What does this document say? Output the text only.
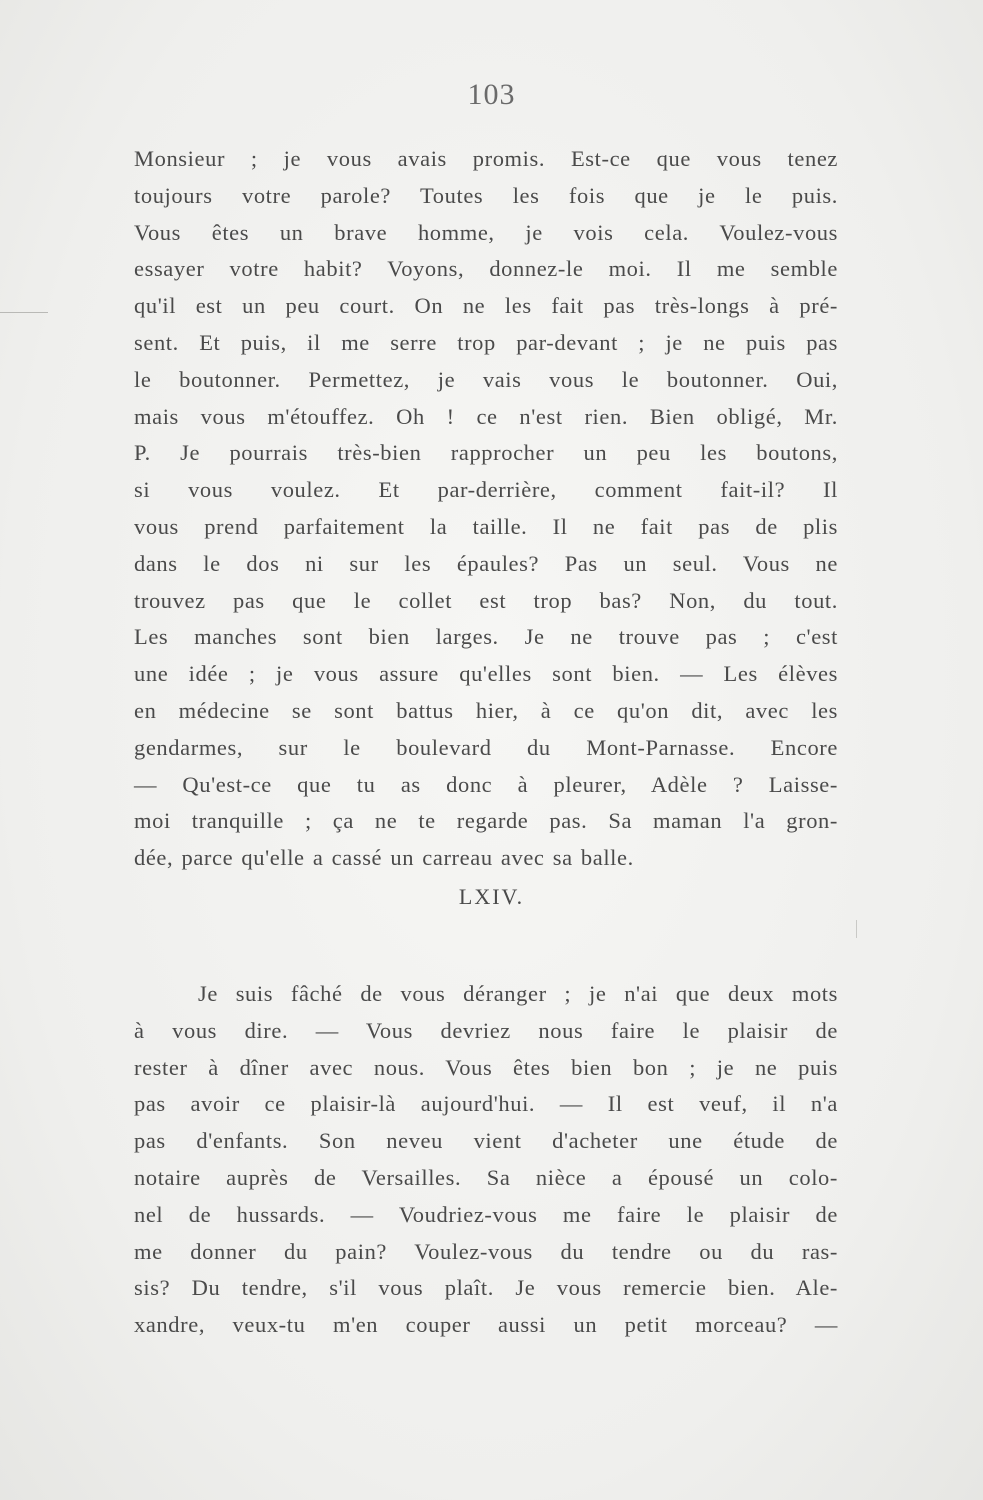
103
Monsieur ; je vous avais promis. Est-ce que vous tenez
toujours votre parole? Toutes les fois que je le puis.
Vous êtes un brave homme, je vois cela. Voulez-vous
essayer votre habit? Voyons, donnez-le moi. Il me semble
qu'il est un peu court. On ne les fait pas très-longs à pré-
sent. Et puis, il me serre trop par-devant ; je ne puis pas
le boutonner. Permettez, je vais vous le boutonner. Oui,
mais vous m'étouffez. Oh ! ce n'est rien. Bien obligé, Mr.
P. Je pourrais très-bien rapprocher un peu les boutons,
si vous voulez. Et par-derrière, comment fait-il? Il
vous prend parfaitement la taille. Il ne fait pas de plis
dans le dos ni sur les épaules? Pas un seul. Vous ne
trouvez pas que le collet est trop bas? Non, du tout.
Les manches sont bien larges. Je ne trouve pas ; c'est
une idée ; je vous assure qu'elles sont bien. — Les élèves
en médecine se sont battus hier, à ce qu'on dit, avec les
gendarmes, sur le boulevard du Mont-Parnasse. Encore
— Qu'est-ce que tu as donc à pleurer, Adèle ? Laisse-
moi tranquille ; ça ne te regarde pas. Sa maman l'a gron-
dée, parce qu'elle a cassé un carreau avec sa balle.
LXIV.
Je suis fâché de vous déranger ; je n'ai que deux mots
à vous dire. — Vous devriez nous faire le plaisir de
rester à dîner avec nous. Vous êtes bien bon ; je ne puis
pas avoir ce plaisir-là aujourd'hui. — Il est veuf, il n'a
pas d'enfants. Son neveu vient d'acheter une étude de
notaire auprès de Versailles. Sa nièce a épousé un colo-
nel de hussards. — Voudriez-vous me faire le plaisir de
me donner du pain? Voulez-vous du tendre ou du ras-
sis? Du tendre, s'il vous plaît. Je vous remercie bien. Ale-
xandre, veux-tu m'en couper aussi un petit morceau? —
